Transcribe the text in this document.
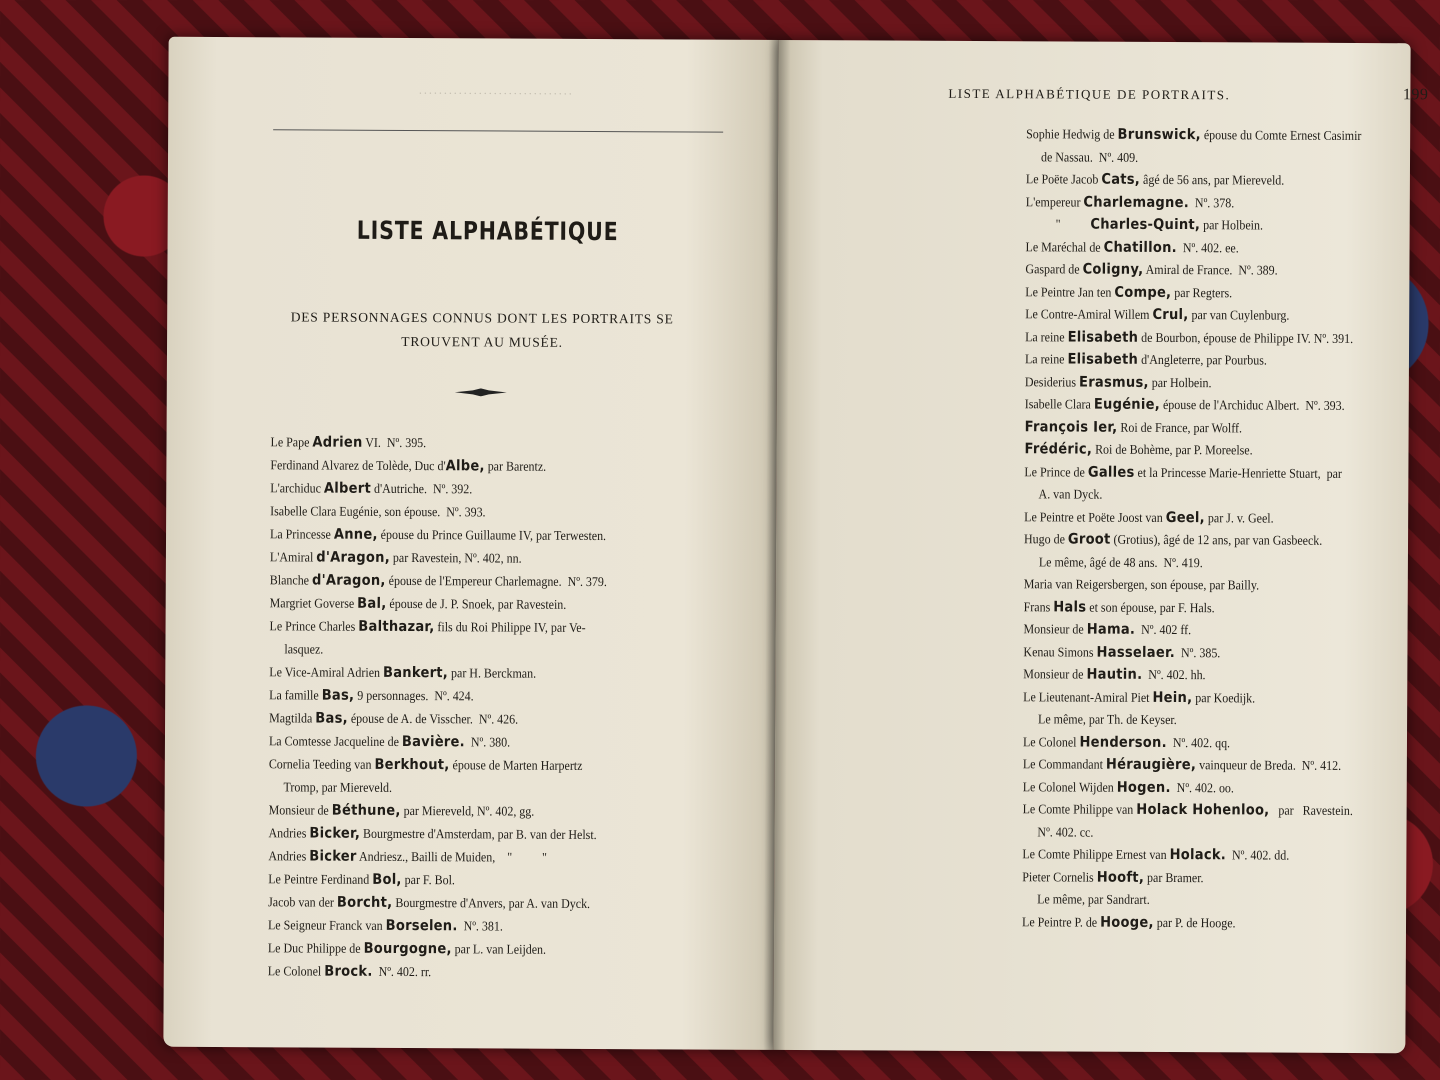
·······························
LISTE ALPHABÉTIQUE
DES PERSONNAGES CONNUS DONT LES PORTRAITS SE
TROUVENT AU MUSÉE.
Le Pape Adrien VI.  Nº. 395.
Ferdinand Alvarez de Tolède, Duc d'Albe, par Barentz.
L'archiduc Albert d'Autriche.  Nº. 392.
Isabelle Clara Eugénie, son épouse.  Nº. 393.
La Princesse Anne, épouse du Prince Guillaume IV, par Terwesten.
L'Amiral d'Aragon, par Ravestein, Nº. 402, nn.
Blanche d'Aragon, épouse de l'Empereur Charlemagne.  Nº. 379.
Margriet Goverse Bal, épouse de J. P. Snoek, par Ravestein.
Le Prince Charles Balthazar, fils du Roi Philippe IV, par Ve-
lasquez.
Le Vice-Amiral Adrien Bankert, par H. Berckman.
La famille Bas, 9 personnages.  Nº. 424.
Magtilda Bas, épouse de A. de Visscher.  Nº. 426.
La Comtesse Jacqueline de Bavière.  Nº. 380.
Cornelia Teeding van Berkhout, épouse de Marten Harpertz
Tromp, par Miereveld.
Monsieur de Béthune, par Miereveld, Nº. 402, gg.
Andries Bicker, Bourgmestre d'Amsterdam, par B. van der Helst.
Andries Bicker Andriesz., Bailli de Muiden,    "          "
Le Peintre Ferdinand Bol, par F. Bol.
Jacob van der Borcht, Bourgmestre d'Anvers, par A. van Dyck.
Le Seigneur Franck van Borselen.  Nº. 381.
Le Duc Philippe de Bourgogne, par L. van Leijden.
Le Colonel Brock.  Nº. 402. rr.
LISTE ALPHABÉTIQUE DE PORTRAITS.	199
Sophie Hedwig de Brunswick, épouse du Comte Ernest Casimir
de Nassau.  Nº. 409.
Le Poëte Jacob Cats, âgé de 56 ans, par Miereveld.
L'empereur Charlemagne.  Nº. 378.
"          Charles-Quint, par Holbein.
Le Maréchal de Chatillon.  Nº. 402. ee.
Gaspard de Coligny, Amiral de France.  Nº. 389.
Le Peintre Jan ten Compe, par Regters.
Le Contre-Amiral Willem Crul, par van Cuylenburg.
La reine Elisabeth de Bourbon, épouse de Philippe IV. Nº. 391.
La reine Elisabeth d'Angleterre, par Pourbus.
Desiderius Erasmus, par Holbein.
Isabelle Clara Eugénie, épouse de l'Archiduc Albert.  Nº. 393.
François Ier, Roi de France, par Wolff.
Frédéric, Roi de Bohème, par P. Moreelse.
Le Prince de Galles et la Princesse Marie-Henriette Stuart,  par
A. van Dyck.
Le Peintre et Poëte Joost van Geel, par J. v. Geel.
Hugo de Groot (Grotius), âgé de 12 ans, par van Gasbeeck.
Le même, âgé de 48 ans.  Nº. 419.
Maria van Reigersbergen, son épouse, par Bailly.
Frans Hals et son épouse, par F. Hals.
Monsieur de Hama.  Nº. 402 ff.
Kenau Simons Hasselaer.  Nº. 385.
Monsieur de Hautin.  Nº. 402. hh.
Le Lieutenant-Amiral Piet Hein, par Koedijk.
Le même, par Th. de Keyser.
Le Colonel Henderson.  Nº. 402. qq.
Le Commandant Héraugière, vainqueur de Breda.  Nº. 412.
Le Colonel Wijden Hogen.  Nº. 402. oo.
Le Comte Philippe van Holack Hohenloo,   par   Ravestein.
Nº. 402. cc.
Le Comte Philippe Ernest van Holack.  Nº. 402. dd.
Pieter Cornelis Hooft, par Bramer.
Le même, par Sandrart.
Le Peintre P. de Hooge, par P. de Hooge.
